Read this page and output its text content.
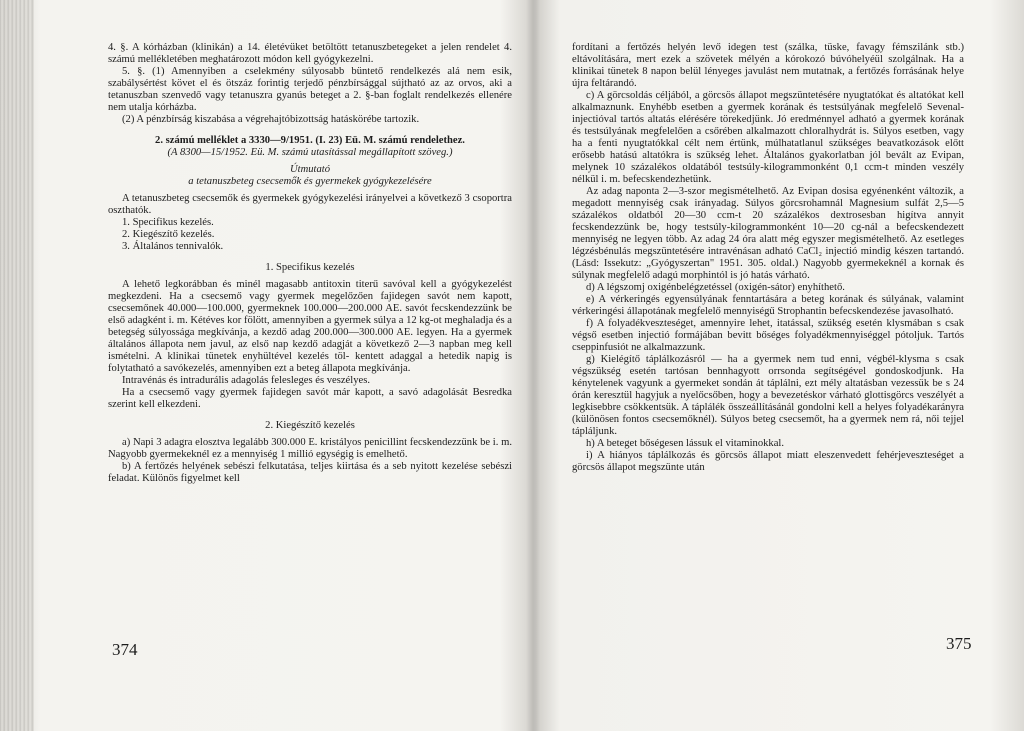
4. §. A kórházban (klinikán) a 14. életévüket betöltött tetanuszbetegeket a jelen rendelet 4. számú mellékletében meghatározott módon kell gyógykezelni.

5. §. (1) Amennyiben a cselekmény súlyosabb büntető rendelkezés alá nem esik, szabálysértést követ el és ötszáz forintig terjedő pénzbírsággal sújtható az az orvos, aki a tetanuszban szenvedő vagy tetanuszra gyanús beteget a 2. §-ban foglalt rendelkezés ellenére nem utalja kórházba.

(2) A pénzbírság kiszabása a végrehajtóbizottság hatáskörébe tartozik.

2. számú melléklet a 3330—9/1951. (I. 23) Eü. M. számú rendelethez.

(A 8300—15/1952. Eü. M. számú utasítással megállapított szöveg.)

Útmutató

a tetanuszbeteg csecsemők és gyermekek gyógykezelésére

A tetanuszbeteg csecsemők és gyermekek gyógykezelési irányelvei a következő 3 csoportra oszthatók.

1. Specifikus kezelés.

2. Kiegészítő kezelés.

3. Általános tennivalók.

1. Specifikus kezelés

A lehető legkorábban és minél magasabb antitoxin titerű savóval kell a gyógykezelést megkezdeni. Ha a csecsemő vagy gyermek megelőzően fajidegen savót nem kapott, csecsemőnek 40.000—100.000, gyermeknek 100.000—200.000 AE. savót fecskendezzünk be első adagként i. m. Kétéves kor fölött, amennyiben a gyermek súlya a 12 kg-ot meghaladja és a betegség súlyossága megkívánja, a kezdő adag 200.000—300.000 AE. legyen. Ha a gyermek általános állapota nem javul, az első nap kezdő adagját a következő 2—3 napban meg kell ismételni. A klinikai tünetek enyhültével kezelés töl- kentett adaggal a hetedik napig is folytatható a savókezelés, amennyiben ezt a beteg állapota megkívánja.

Intravénás és intradurális adagolás felesleges és veszélyes.

Ha a csecsemő vagy gyermek fajidegen savót már kapott, a savó adagolását Besredka szerint kell elkezdeni.

2. Kiegészítő kezelés

a) Napi 3 adagra elosztva legalább 300.000 E. kristályos penicillint fecskendezzünk be i. m. Nagyobb gyermekeknél ez a mennyiség 1 millió egységig is emelhető.

b) A fertőzés helyének sebészi felkutatása, teljes kiirtása és a seb nyitott kezelése sebészi feladat. Különös figyelmet kell

fordítani a fertőzés helyén levő idegen test (szálka, tüske, favagy fémszilánk stb.) eltávolítására, mert ezek a szövetek mélyén a kórokozó búvóhelyéül szolgálnak. Ha a klinikai tünetek 8 napon belül lényeges javulást nem mutatnak, a fertőzés forrásának helye újra feltárandó.

c) A görcsoldás céljából, a görcsös állapot megszüntetésére nyugtatókat és altatókat kell alkalmaznunk. Enyhébb esetben a gyermek korának és testsúlyának megfelelő Sevenal-injectióval tartós altatás elérésére törekedjünk. Jó eredménnyel adható a gyermek korának és testsúlyának megfelelően a csőrében alkalmazott chloralhydrát is. Súlyos esetben, vagy ha a fenti nyugtatókkal célt nem értünk, múlhatatlanul szükséges beavatkozások előtt erősebb hatású altatókra is szükség lehet. Általános gyakorlatban jól bevált az Evipan, melynek 10 százalékos oldatából testsúly-kilogrammonként 0,1 ccm-t minden veszély nélkül i. m. befecskendezhetünk.

Az adag naponta 2—3-szor megismételhető. Az Evipan dosisa egyénenként változik, a megadott mennyiség csak irányadag. Súlyos görcsrohamnál Magnesium sulfát 2,5—5 százalékos oldatból 20—30 ccm-t 20 százalékos dextrosesban higítva annyit fecskendezzünk be, hogy testsúly-kilogrammonként 10—20 cg-nál a befecskendezett mennyiség ne legyen több. Az adag 24 óra alatt még egyszer megismételhető. Az esetleges légzésbénulás megszüntetésére intravénásan adható CaCl₂ injectió mindig készen tartandó. (Lásd: Issekutz: „Gyógyszertan" 1951. 305. oldal.) Nagyobb gyermekeknél a kornak és súlynak megfelelő adagú morphintól is jó hatás várható.

d) A légszomj oxigénbelégzetéssel (oxigén-sátor) enyhíthető.

e) A vérkeringés egyensúlyának fenntartására a beteg korának és súlyának, valamint vérkeringési állapotának megfelelő mennyiségű Strophantin befecskendezése javasolható.

f) A folyadékveszteséget, amennyire lehet, itatással, szükség esetén klysmában s csak végső esetben injectió formájában bevitt bőséges folyadékmennyiséggel pótoljuk. Tartós cseppinfusiót ne alkalmazzunk.

g) Kielégítő táplálkozásról — ha a gyermek nem tud enni, végbél-klysma s csak végszükség esetén tartósan bennhagyott orrsonda segítségével gondoskodjunk. Ha kénytelenek vagyunk a gyermeket sondán át táplálni, ezt mély altatásban vezessük be s 24 órán keresztül hagyjuk a nyelőcsőben, hogy a bevezetéskor várható glottisgörcs veszélyét a legkisebbre csökkentsük. A táplálék összeállításánál gondolni kell a helyes folyadékarányra (különösen fontos csecsemőknél). Súlyos beteg csecsemőt, ha a gyermek nem rá, női tejjel tápláljunk.

h) A beteget bőségesen lássuk el vitaminokkal.

i) A hiányos táplálkozás és görcsös állapot miatt eleszenvedett fehérjeveszteséget a görcsös állapot megszünte után

374	375
